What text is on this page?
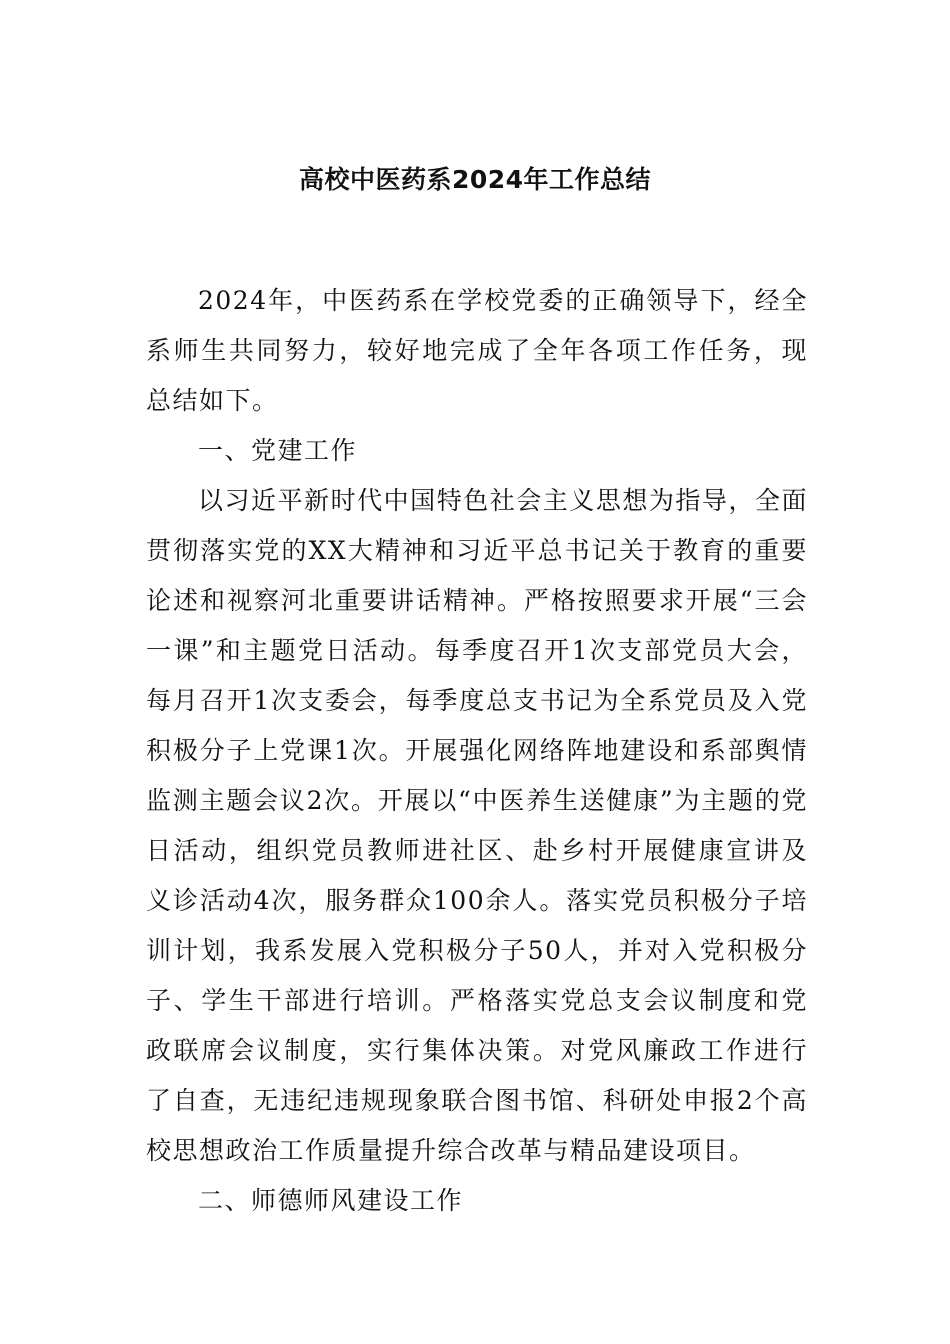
高校中医药系2024年工作总结

2024年，中医药系在学校党委的正确领导下，经全系师生共同努力，较好地完成了全年各项工作任务，现总结如下。

一、党建工作

以习近平新时代中国特色社会主义思想为指导，全面贯彻落实党的XX大精神和习近平总书记关于教育的重要论述和视察河北重要讲话精神。严格按照要求开展“三会一课”和主题党日活动。每季度召开1次支部党员大会，每月召开1次支委会，每季度总支书记为全系党员及入党积极分子上党课1次。开展强化网络阵地建设和系部舆情监测主题会议2次。开展以“中医养生送健康”为主题的党日活动，组织党员教师进社区、赴乡村开展健康宣讲及义诊活动4次，服务群众100余人。落实党员积极分子培训计划，我系发展入党积极分子50人，并对入党积极分子、学生干部进行培训。严格落实党总支会议制度和党政联席会议制度，实行集体决策。对党风廉政工作进行了自查，无违纪违规现象联合图书馆、科研处申报2个高校思想政治工作质量提升综合改革与精品建设项目。

二、师德师风建设工作
